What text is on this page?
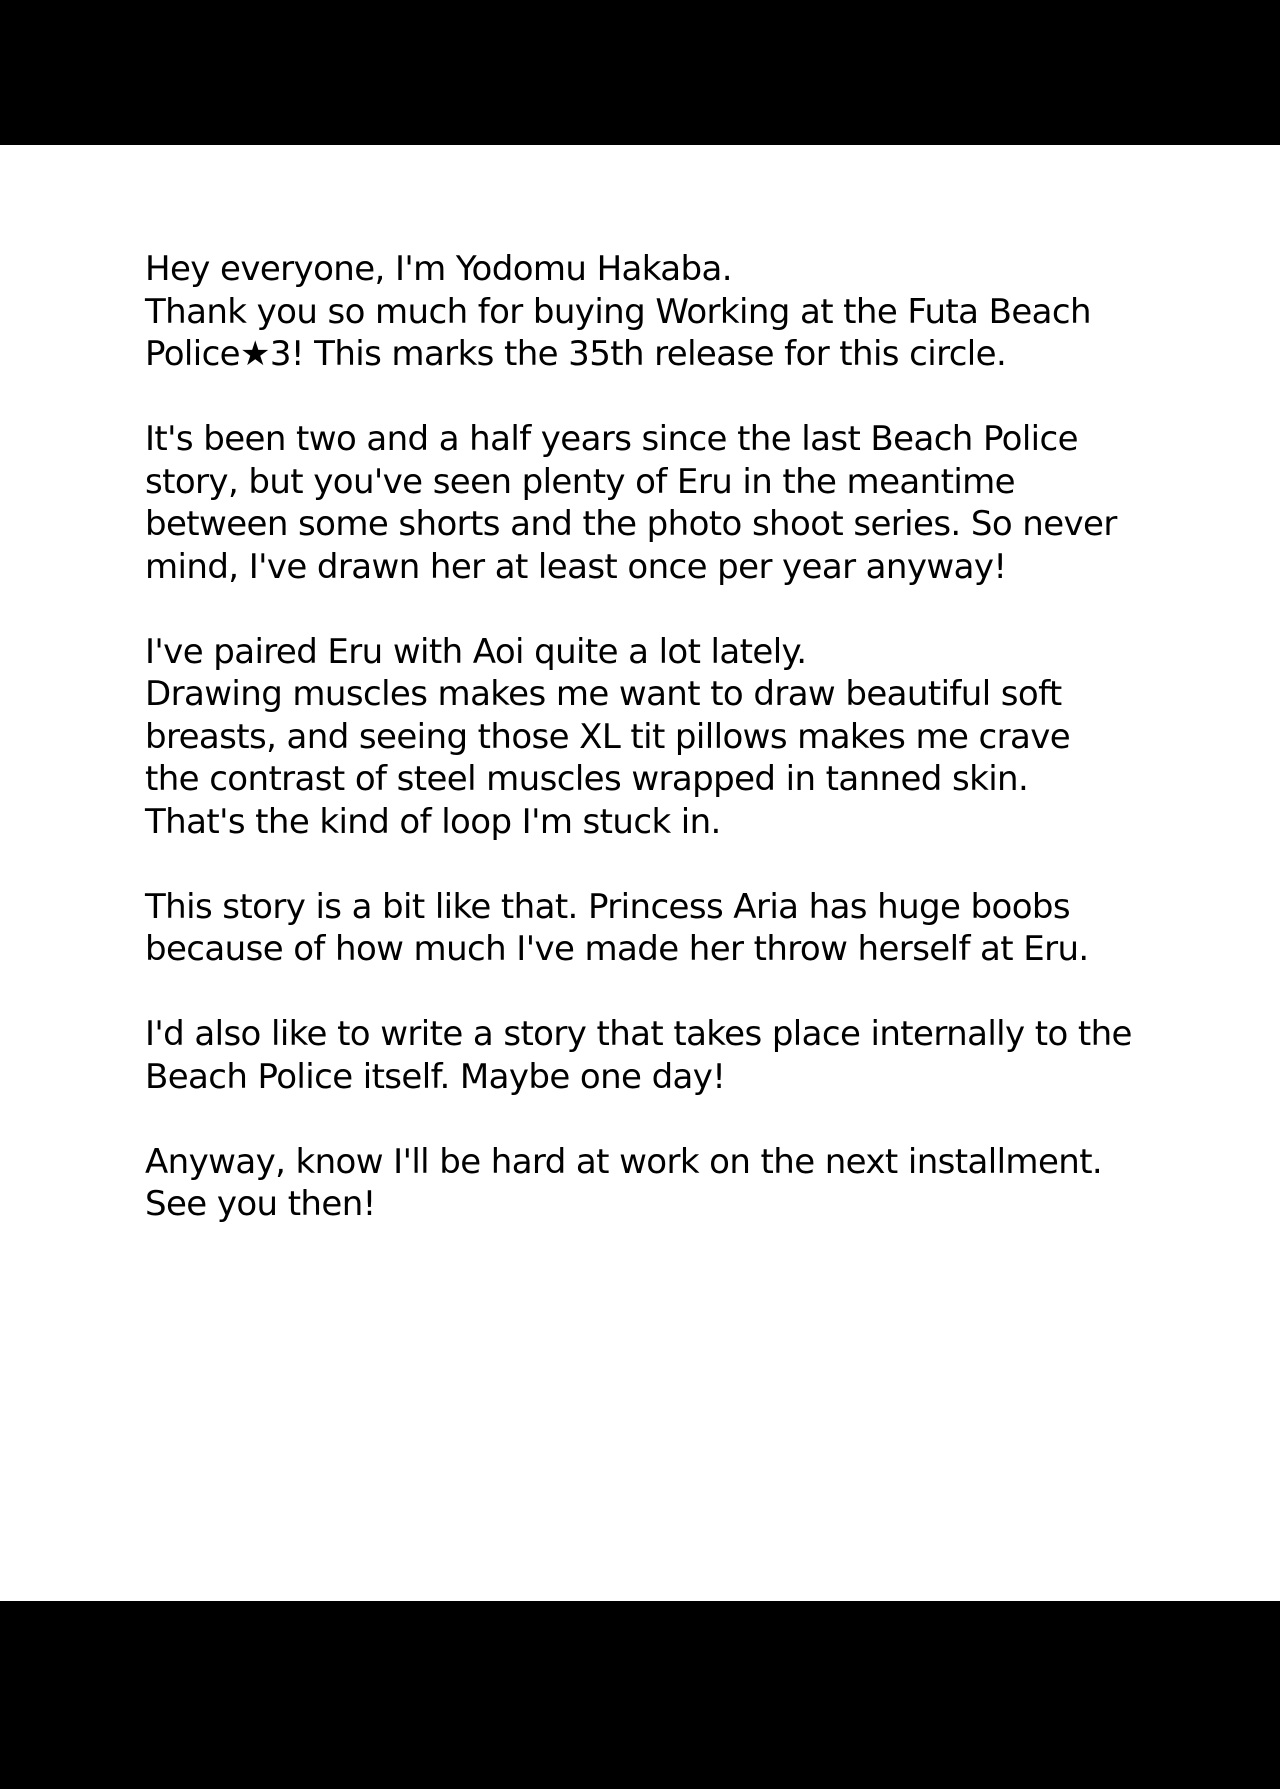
Hey everyone, I'm Yodomu Hakaba.
Thank you so much for buying Working at the Futa Beach
Police★3! This marks the 35th release for this circle.

It's been two and a half years since the last Beach Police
story, but you've seen plenty of Eru in the meantime
between some shorts and the photo shoot series. So never
mind, I've drawn her at least once per year anyway!

I've paired Eru with Aoi quite a lot lately.
Drawing muscles makes me want to draw beautiful soft
breasts, and seeing those XL tit pillows makes me crave
the contrast of steel muscles wrapped in tanned skin.
That's the kind of loop I'm stuck in.

This story is a bit like that. Princess Aria has huge boobs
because of how much I've made her throw herself at Eru.

I'd also like to write a story that takes place internally to the
Beach Police itself. Maybe one day!

Anyway, know I'll be hard at work on the next installment.
See you then!
